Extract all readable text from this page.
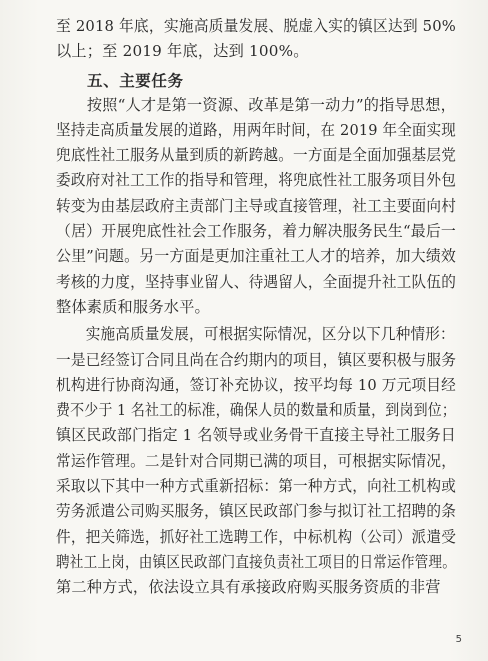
至 2018 年底，实施高质量发展、脱虚入实的镇区达到 50%
以上；至 2019 年底，达到 100%。

五、主要任务

按照“人才是第一资源、改革是第一动力”的指导思想，
坚持走高质量发展的道路，用两年时间，在 2019 年全面实现
兜底性社工服务从量到质的新跨越。一方面是全面加强基层党
委政府对社工工作的指导和管理，将兜底性社工服务项目外包
转变为由基层政府主责部门主导或直接管理，社工主要面向村
（居）开展兜底性社会工作服务，着力解决服务民生“最后一
公里”问题。另一方面是更加注重社工人才的培养，加大绩效
考核的力度，坚持事业留人、待遇留人，全面提升社工队伍的
整体素质和服务水平。

实施高质量发展，可根据实际情况，区分以下几种情形：
一是已经签订合同且尚在合约期内的项目，镇区要积极与服务
机构进行协商沟通，签订补充协议，按平均每 10 万元项目经
费不少于 1 名社工的标准，确保人员的数量和质量，到岗到位；
镇区民政部门指定 1 名领导或业务骨干直接主导社工服务日
常运作管理。二是针对合同期已满的项目，可根据实际情况，
采取以下其中一种方式重新招标：第一种方式，向社工机构或
劳务派遣公司购买服务，镇区民政部门参与拟订社工招聘的条
件，把关筛选，抓好社工选聘工作，中标机构（公司）派遣受
聘社工上岗，由镇区民政部门直接负责社工项目的日常运作管理。
第二种方式，依法设立具有承接政府购买服务资质的非营

5
